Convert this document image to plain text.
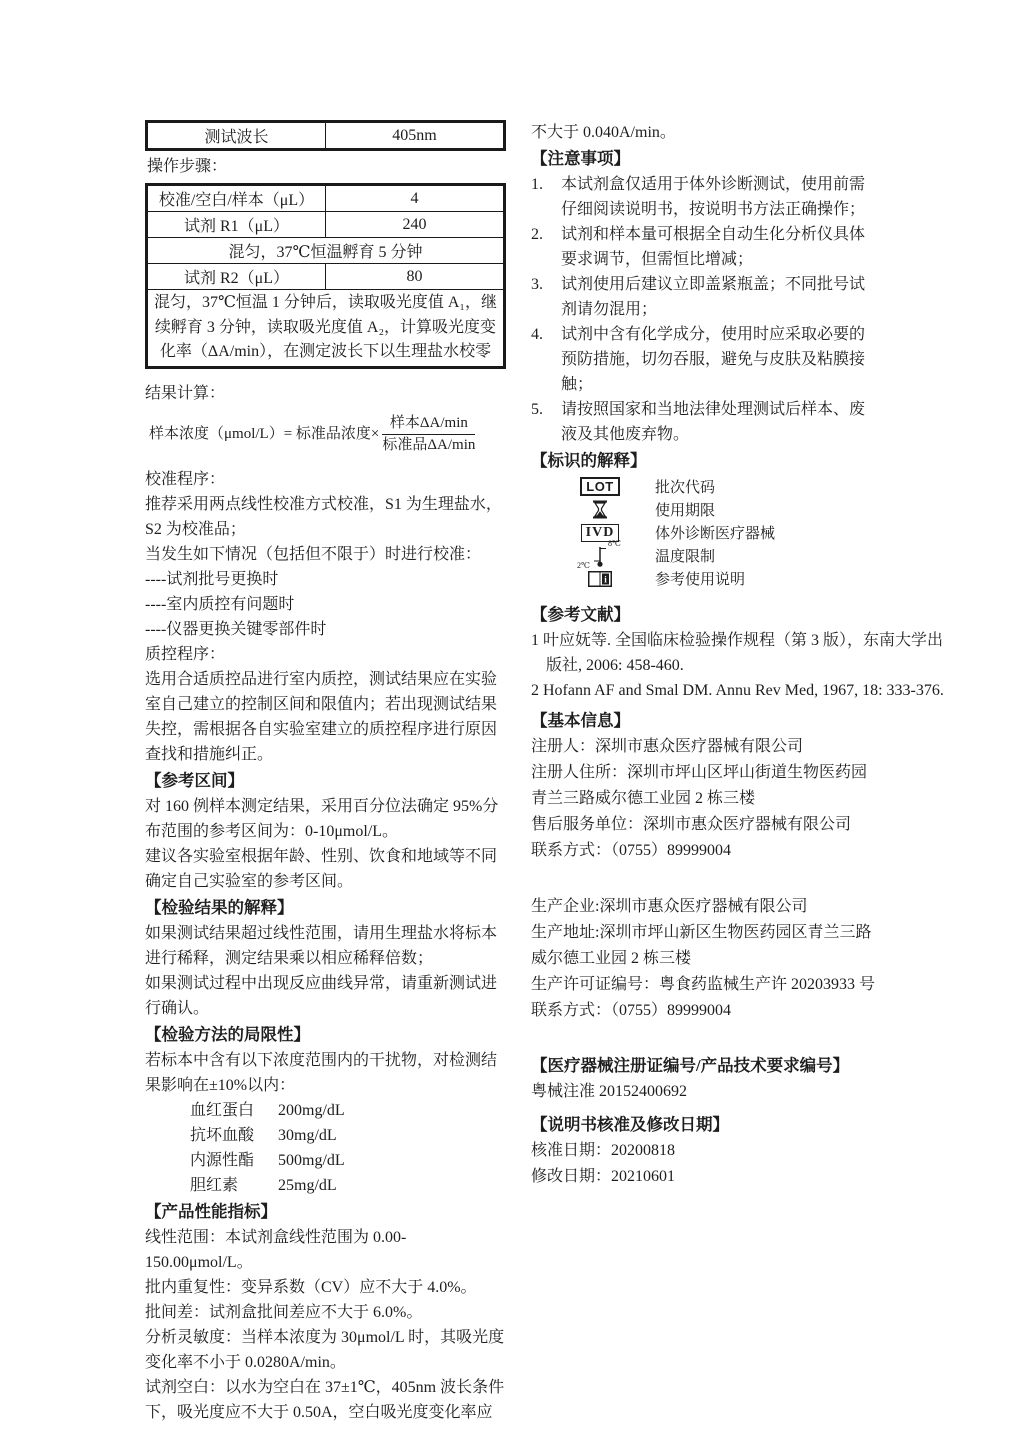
测试波长	405nm

操作步骤：

校准/空白/样本（μL）	4
试剂 R1（μL）	240
混匀，37℃恒温孵育 5 分钟	
试剂 R2（μL）	80
混匀，37℃恒温 1 分钟后，读取吸光度值 A₁，继续孵育 3 分钟，读取吸光度值 A₂，计算吸光度变化率（ΔA/min），在测定波长下以生理盐水校零	

结果计算：

样本浓度（μmol/L）= 标准品浓度× $\frac{\text{样本ΔA/min}}{\text{标准品ΔA/min}}$

校准程序：

推荐采用两点线性校准方式校准，S1 为生理盐水，S2 为校准品；

当发生如下情况（包括但不限于）时进行校准：

----试剂批号更换时

----室内质控有问题时

----仪器更换关键零部件时

质控程序：

选用合适质控品进行室内质控，测试结果应在实验室自己建立的控制区间和限值内；若出现测试结果失控，需根据各自实验室建立的质控程序进行原因查找和措施纠正。

【参考区间】

对 160 例样本测定结果，采用百分位法确定 95%分布范围的参考区间为：0-10μmol/L。

建议各实验室根据年龄、性别、饮食和地域等不同确定自己实验室的参考区间。

【检验结果的解释】

如果测试结果超过线性范围，请用生理盐水将标本进行稀释，测定结果乘以相应稀释倍数；

如果测试过程中出现反应曲线异常，请重新测试进行确认。

【检验方法的局限性】

若标本中含有以下浓度范围内的干扰物，对检测结果影响在±10%以内：

血红蛋白	200mg/dL
抗坏血酸	30mg/dL
内源性酯	500mg/dL
胆红素	25mg/dL
【产品性能指标】

线性范围：本试剂盒线性范围为 0.00-150.00μmol/L。

批内重复性：变异系数（CV）应不大于 4.0%。

批间差：试剂盒批间差应不大于 6.0%。

分析灵敏度：当样本浓度为 30μmol/L 时，其吸光度变化率不小于 0.0280A/min。

试剂空白：以水为空白在 37±1℃，405nm 波长条件下，吸光度应不大于 0.50A，空白吸光度变化率应

不大于 0.040A/min。

【注意事项】
1.	本试剂盒仅适用于体外诊断测试，使用前需仔细阅读说明书，按说明书方法正确操作；
2.	试剂和样本量可根据全自动生化分析仪具体要求调节，但需恒比增减；
3.	试剂使用后建议立即盖紧瓶盖；不同批号试剂请勿混用；
4.	试剂中含有化学成分，使用时应采取必要的预防措施，切勿吞服，避免与皮肤及粘膜接触；
5.	请按照国家和当地法律处理测试后样本、废液及其他废弃物。
【标识的解释】
LOT	批次代码
使用期限
IVD	体外诊断医疗器械
8℃
2℃	温度限制
i	参考使用说明
【参考文献】

1 叶应妩等. 全国临床检验操作规程（第 3 版），东南大学出版社, 2006: 458-460.

2 Hofann AF and Smal DM. Annu Rev Med, 1967, 18: 333-376.

【基本信息】

注册人：深圳市惠众医疗器械有限公司

注册人住所：深圳市坪山区坪山街道生物医药园青兰三路威尔德工业园 2 栋三楼

售后服务单位：深圳市惠众医疗器械有限公司

联系方式：（0755）89999004

生产企业:深圳市惠众医疗器械有限公司

生产地址:深圳市坪山新区生物医药园区青兰三路威尔德工业园 2 栋三楼

生产许可证编号：粤食药监械生产许 20203933 号

联系方式：（0755）89999004

【医疗器械注册证编号/产品技术要求编号】

粤械注准 20152400692

【说明书核准及修改日期】

核准日期：20200818

修改日期：20210601
